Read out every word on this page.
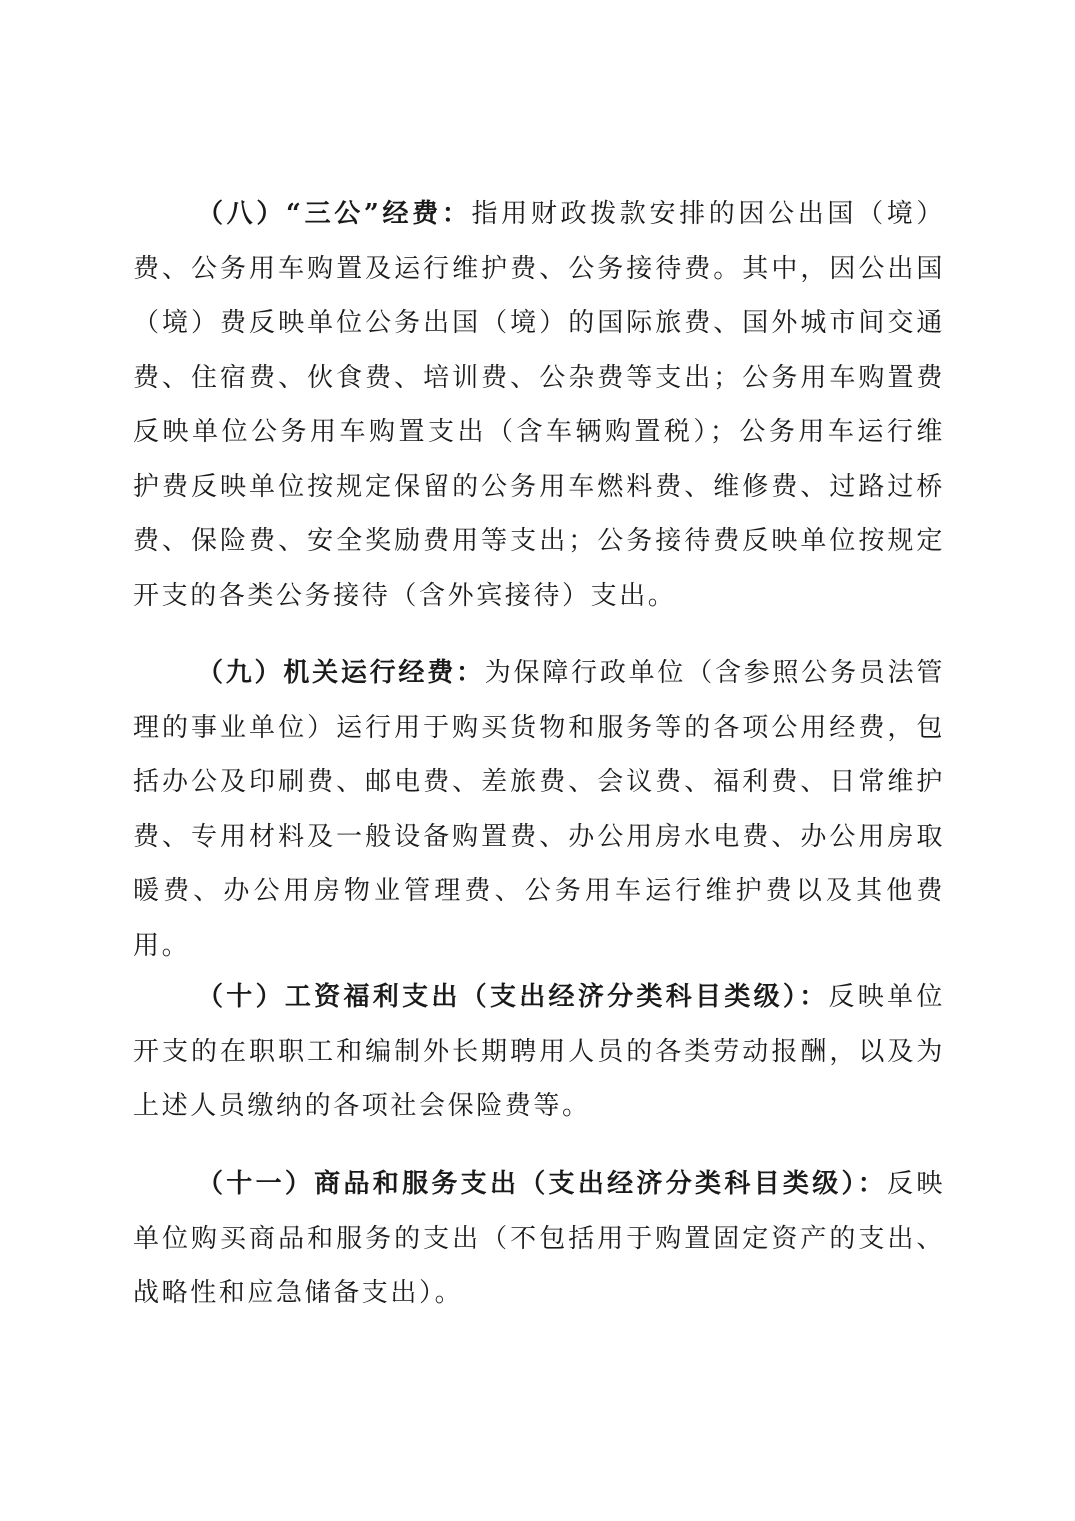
（八）“三公”经费：指用财政拨款安排的因公出国（境）费、公务用车购置及运行维护费、公务接待费。其中，因公出国（境）费反映单位公务出国（境）的国际旅费、国外城市间交通费、住宿费、伙食费、培训费、公杂费等支出；公务用车购置费反映单位公务用车购置支出（含车辆购置税）；公务用车运行维护费反映单位按规定保留的公务用车燃料费、维修费、过路过桥费、保险费、安全奖励费用等支出；公务接待费反映单位按规定开支的各类公务接待（含外宾接待）支出。

（九）机关运行经费：为保障行政单位（含参照公务员法管理的事业单位）运行用于购买货物和服务等的各项公用经费，包括办公及印刷费、邮电费、差旅费、会议费、福利费、日常维护费、专用材料及一般设备购置费、办公用房水电费、办公用房取暖费、办公用房物业管理费、公务用车运行维护费以及其他费用。

（十）工资福利支出（支出经济分类科目类级）：反映单位开支的在职职工和编制外长期聘用人员的各类劳动报酬，以及为上述人员缴纳的各项社会保险费等。

（十一）商品和服务支出（支出经济分类科目类级）：反映单位购买商品和服务的支出（不包括用于购置固定资产的支出、战略性和应急储备支出）。
